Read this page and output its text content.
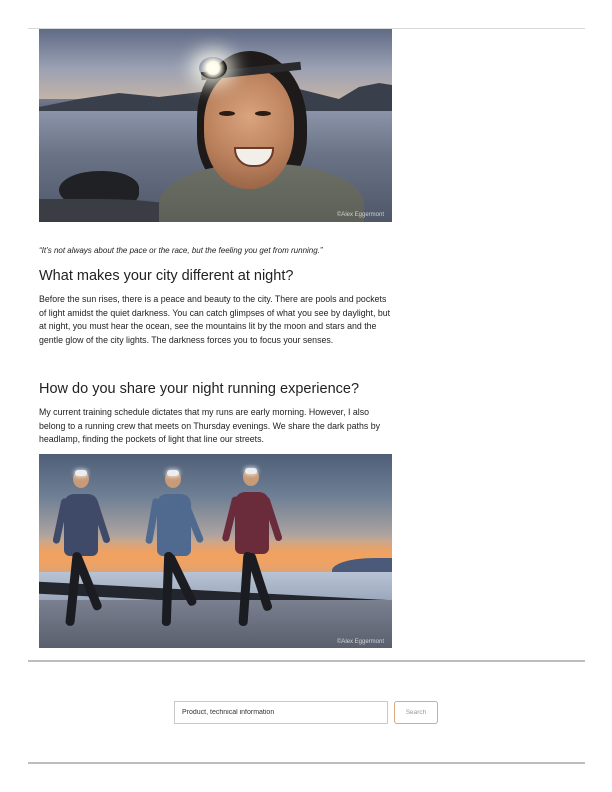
©Alex Eggermont

“It’s not always about the pace or the race, but the feeling you get from running.”

What makes your city different at night?

Before the sun rises, there is a peace and beauty to the city. There are pools and pockets of light amidst the quiet darkness. You can catch glimpses of what you see by daylight, but at night, you must hear the ocean, see the mountains lit by the moon and stars and the gentle glow of the city lights. The darkness forces you to focus your senses.

How do you share your night running experience?

My current training schedule dictates that my runs are early morning. However, I also belong to a running crew that meets on Thursday evenings. We share the dark paths by headlamp, finding the pockets of light that line our streets.

©Alex Eggermont
Product, technical information
Search
